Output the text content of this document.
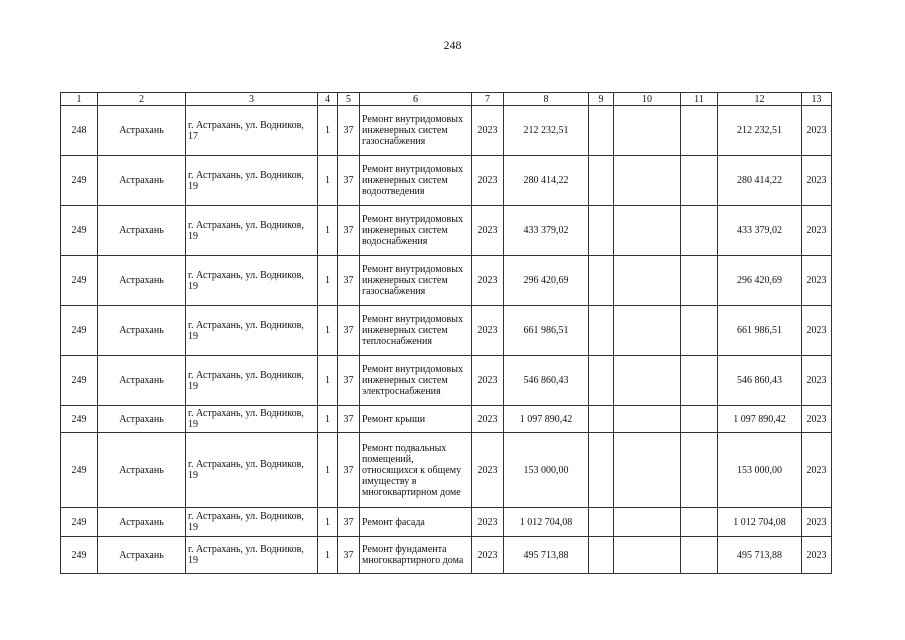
248
1	2	3	4	5	6	7	8	9	10	11	12	13
248	Астрахань	г. Астрахань, ул. Водников, 17	1	37	Ремонт внутридомовых инженерных систем газоснабжения	2023	212 232,51				212 232,51	2023
249	Астрахань	г. Астрахань, ул. Водников, 19	1	37	Ремонт внутридомовых инженерных систем водоотведения	2023	280 414,22				280 414,22	2023
249	Астрахань	г. Астрахань, ул. Водников, 19	1	37	Ремонт внутридомовых инженерных систем водоснабжения	2023	433 379,02				433 379,02	2023
249	Астрахань	г. Астрахань, ул. Водников, 19	1	37	Ремонт внутридомовых инженерных систем газоснабжения	2023	296 420,69				296 420,69	2023
249	Астрахань	г. Астрахань, ул. Водников, 19	1	37	Ремонт внутридомовых инженерных систем теплоснабжения	2023	661 986,51				661 986,51	2023
249	Астрахань	г. Астрахань, ул. Водников, 19	1	37	Ремонт внутридомовых инженерных систем электроснабжения	2023	546 860,43				546 860,43	2023
249	Астрахань	г. Астрахань, ул. Водников, 19	1	37	Ремонт крыши	2023	1 097 890,42				1 097 890,42	2023
249	Астрахань	г. Астрахань, ул. Водников, 19	1	37	Ремонт подвальных помещений, относящихся к общему имуществу в многоквартирном доме	2023	153 000,00				153 000,00	2023
249	Астрахань	г. Астрахань, ул. Водников, 19	1	37	Ремонт фасада	2023	1 012 704,08				1 012 704,08	2023
249	Астрахань	г. Астрахань, ул. Водников, 19	1	37	Ремонт фундамента многоквартирного дома	2023	495 713,88				495 713,88	2023
